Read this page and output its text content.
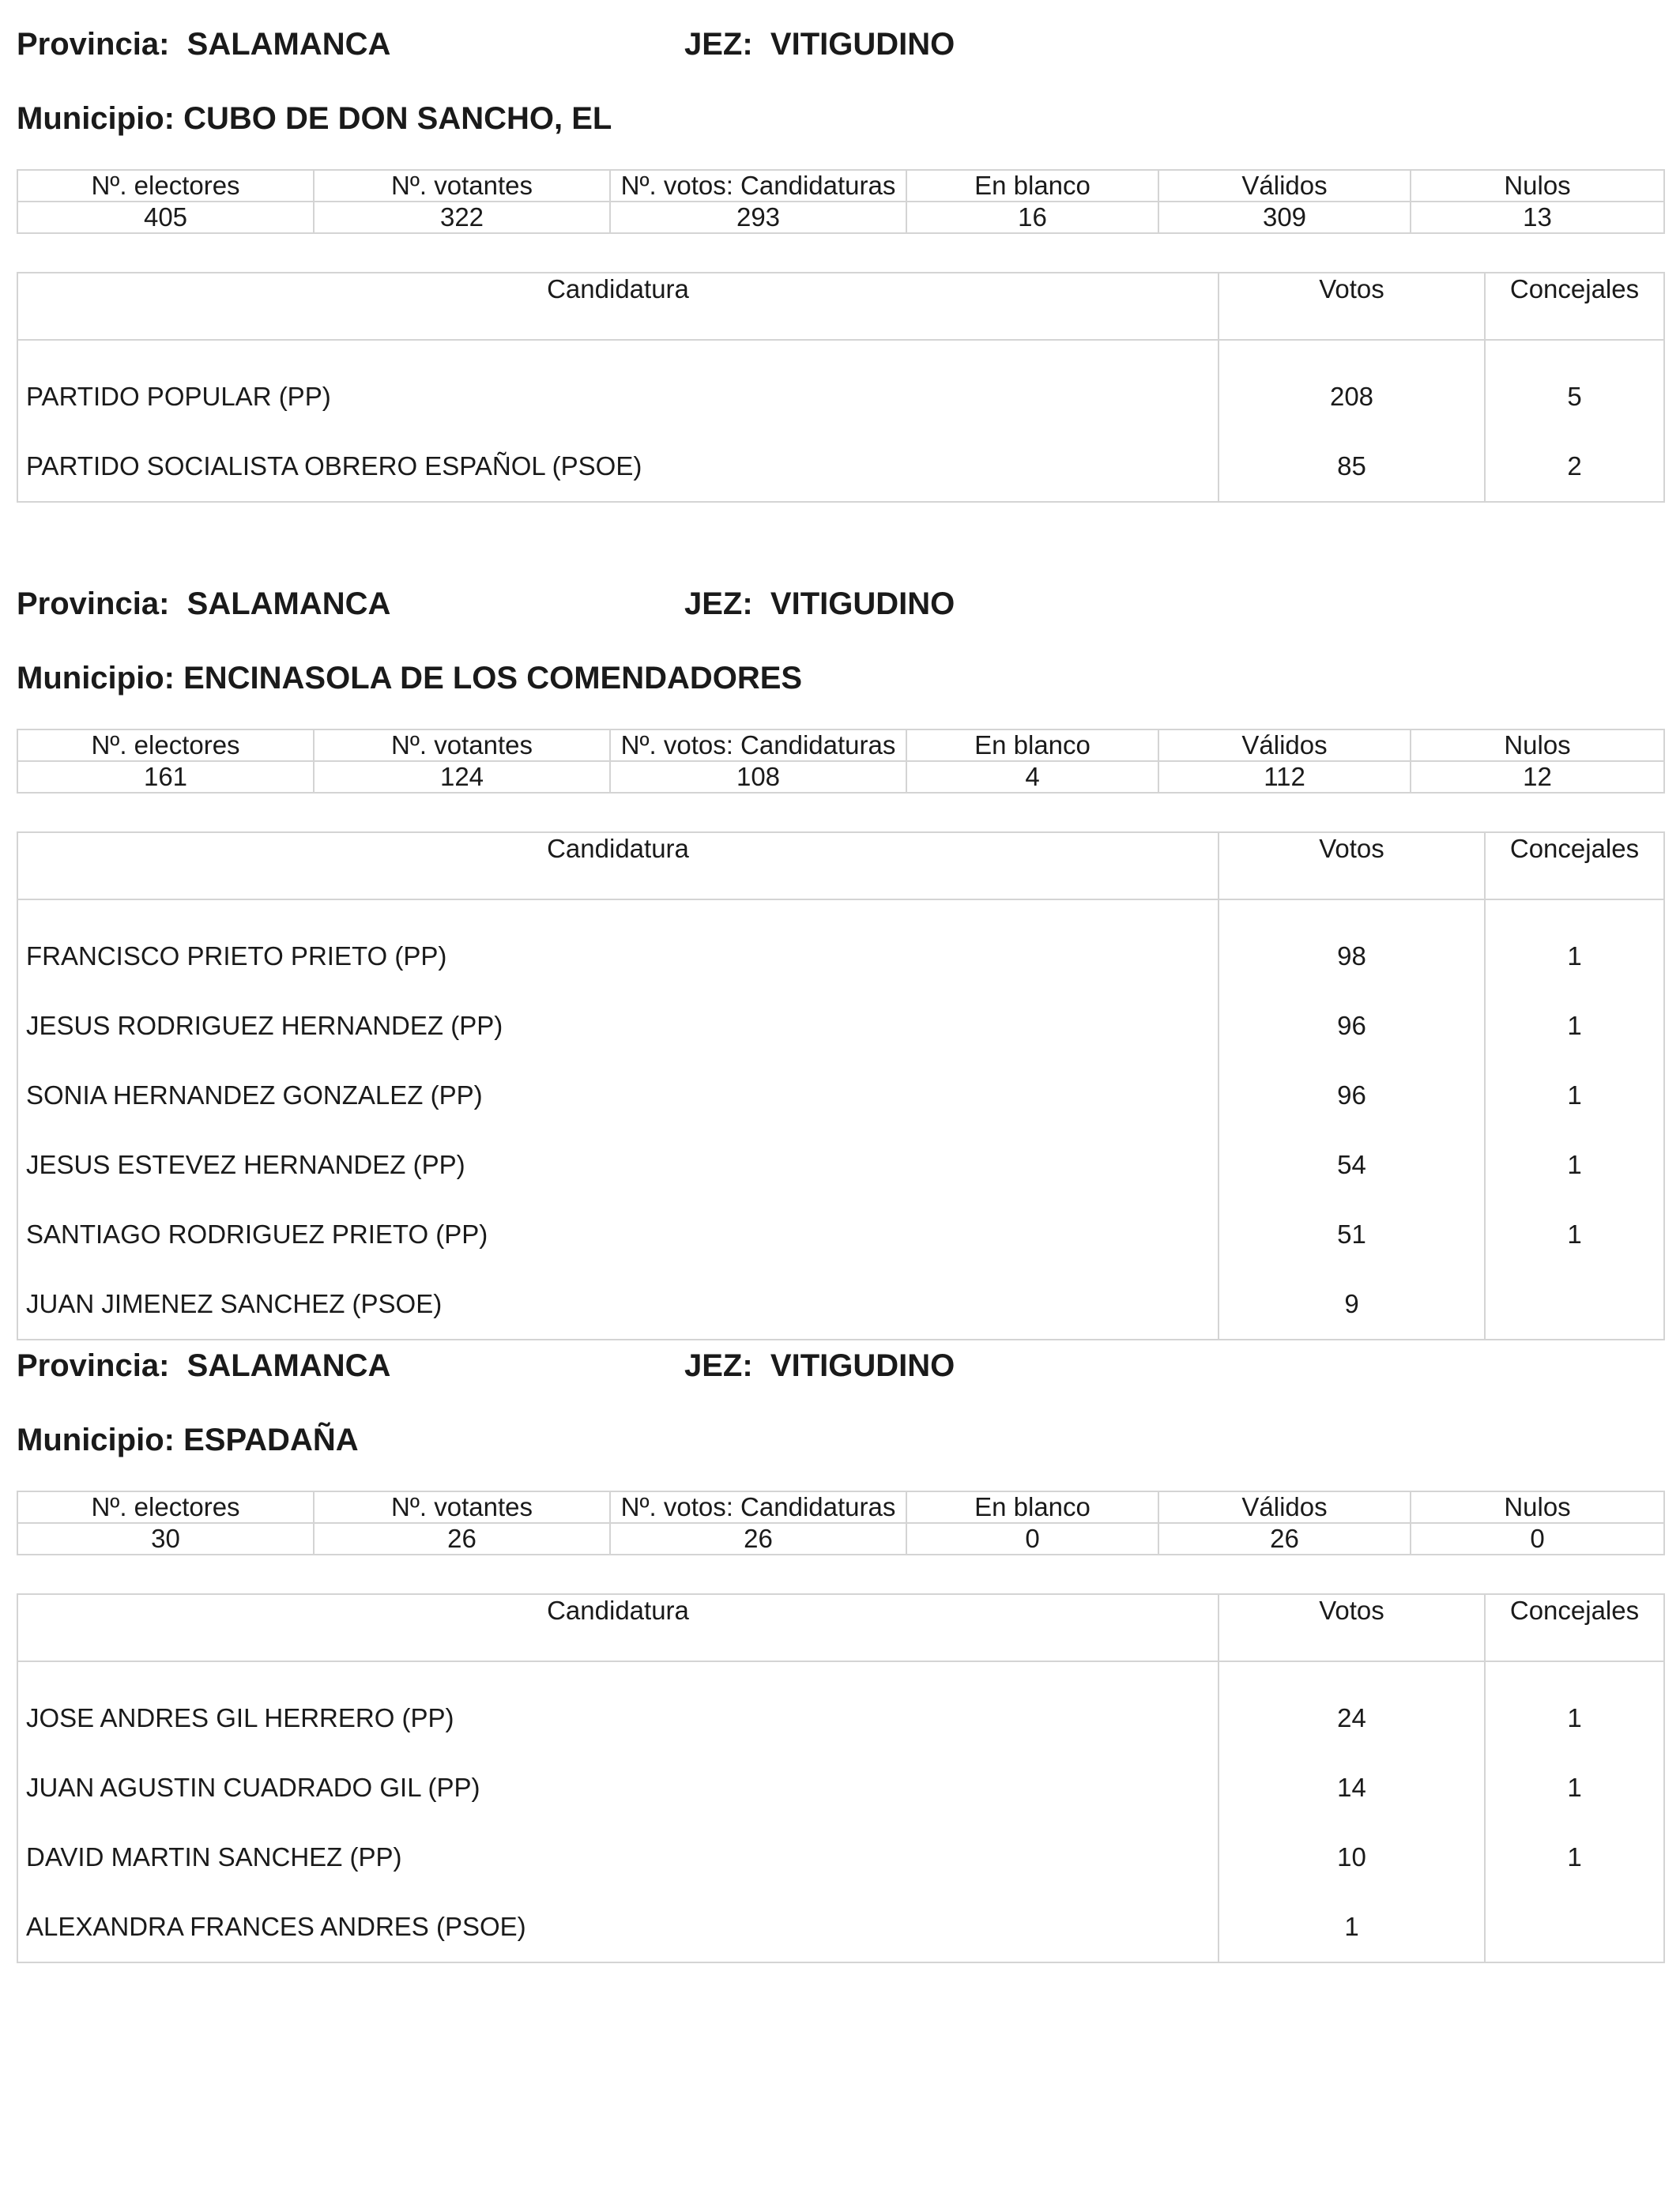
Provincia: SALAMANCA	JEZ: VITIGUDINO
Municipio: CUBO DE DON SANCHO, EL
Nº. electores	Nº. votantes	Nº. votos: Candidaturas	En blanco	Válidos	Nulos
405	322	293	16	309	13
Candidatura	Votos	Concejales
PARTIDO POPULAR (PP)	208	5
PARTIDO SOCIALISTA OBRERO ESPAÑOL (PSOE)	85	2
Provincia: SALAMANCA	JEZ: VITIGUDINO
Municipio: ENCINASOLA DE LOS COMENDADORES
Nº. electores	Nº. votantes	Nº. votos: Candidaturas	En blanco	Válidos	Nulos
161	124	108	4	112	12
Candidatura	Votos	Concejales
FRANCISCO PRIETO PRIETO (PP)	98	1
JESUS RODRIGUEZ HERNANDEZ (PP)	96	1
SONIA HERNANDEZ GONZALEZ (PP)	96	1
JESUS ESTEVEZ HERNANDEZ (PP)	54	1
SANTIAGO RODRIGUEZ PRIETO (PP)	51	1
JUAN JIMENEZ SANCHEZ (PSOE)	9	
Provincia: SALAMANCA	JEZ: VITIGUDINO
Municipio: ESPADAÑA
Nº. electores	Nº. votantes	Nº. votos: Candidaturas	En blanco	Válidos	Nulos
30	26	26	0	26	0
Candidatura	Votos	Concejales
JOSE ANDRES GIL HERRERO (PP)	24	1
JUAN AGUSTIN CUADRADO GIL (PP)	14	1
DAVID MARTIN SANCHEZ (PP)	10	1
ALEXANDRA FRANCES ANDRES (PSOE)	1	
